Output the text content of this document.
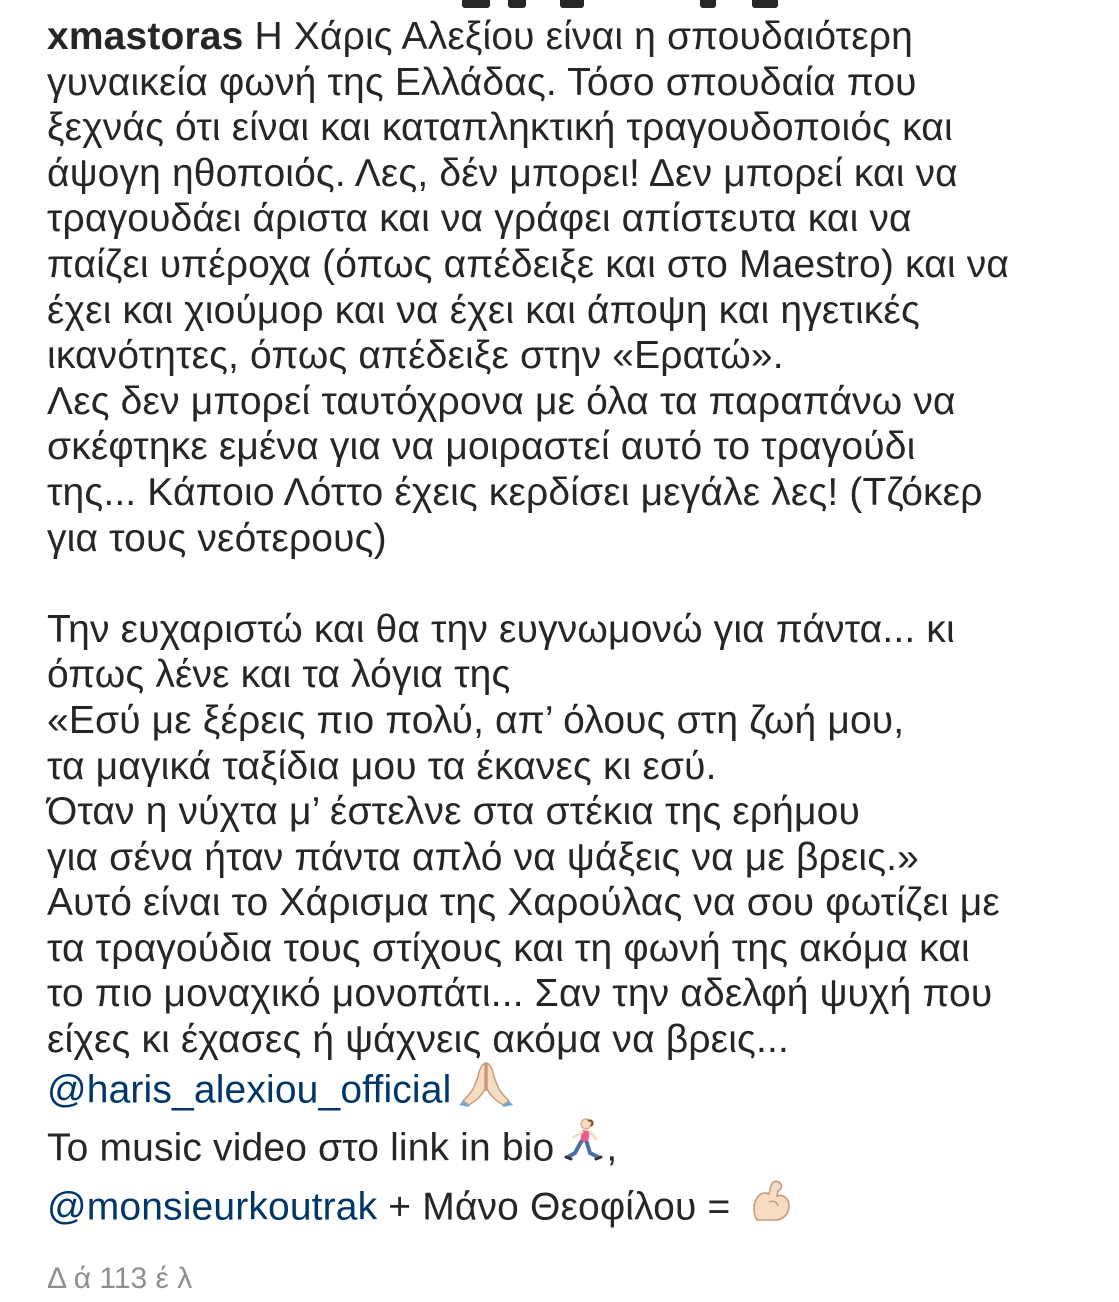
xmastoras Η Χάρις Αλεξίου είναι η σπουδαιότερη
γυναικεία φωνή της Ελλάδας. Τόσο σπουδαία που
ξεχνάς ότι είναι και καταπληκτική τραγουδοποιός και
άψογη ηθοποιός. Λες, δέν μπορει! Δεν μπορεί και να
τραγουδάει άριστα και να γράφει απίστευτα και να
παίζει υπέροχα (όπως απέδειξε και στο Maestro) και να
έχει και χιούμορ και να έχει και άποψη και ηγετικές
ικανότητες, όπως απέδειξε στην «Ερατώ».
Λες δεν μπορεί ταυτόχρονα με όλα τα παραπάνω να
σκέφτηκε εμένα για να μοιραστεί αυτό το τραγούδι
της... Κάποιο Λόττο έχεις κερδίσει μεγάλε λες! (Τζόκερ
για τους νεότερους)
Την ευχαριστώ και θα την ευγνωμονώ για πάντα... κι
όπως λένε και τα λόγια της
«Εσύ με ξέρεις πιο πολύ, απ’ όλους στη ζωή μου,
τα μαγικά ταξίδια μου τα έκανες κι εσύ.
Όταν η νύχτα μ’ έστελνε στα στέκια της ερήμου
για σένα ήταν πάντα απλό να ψάξεις να με βρεις.»
Αυτό είναι το Χάρισμα της Χαρούλας να σου φωτίζει με
τα τραγούδια τους στίχους και τη φωνή της ακόμα και
το πιο μοναχικό μονοπάτι... Σαν την αδελφή ψυχή που
είχες κι έχασες ή ψάχνεις ακόμα να βρεις...
@haris_alexiou_official
To music video στο link in bio ,
@monsieurkoutrak + Μάνο Θεοφίλου =
Δ ά 113 έ λ
